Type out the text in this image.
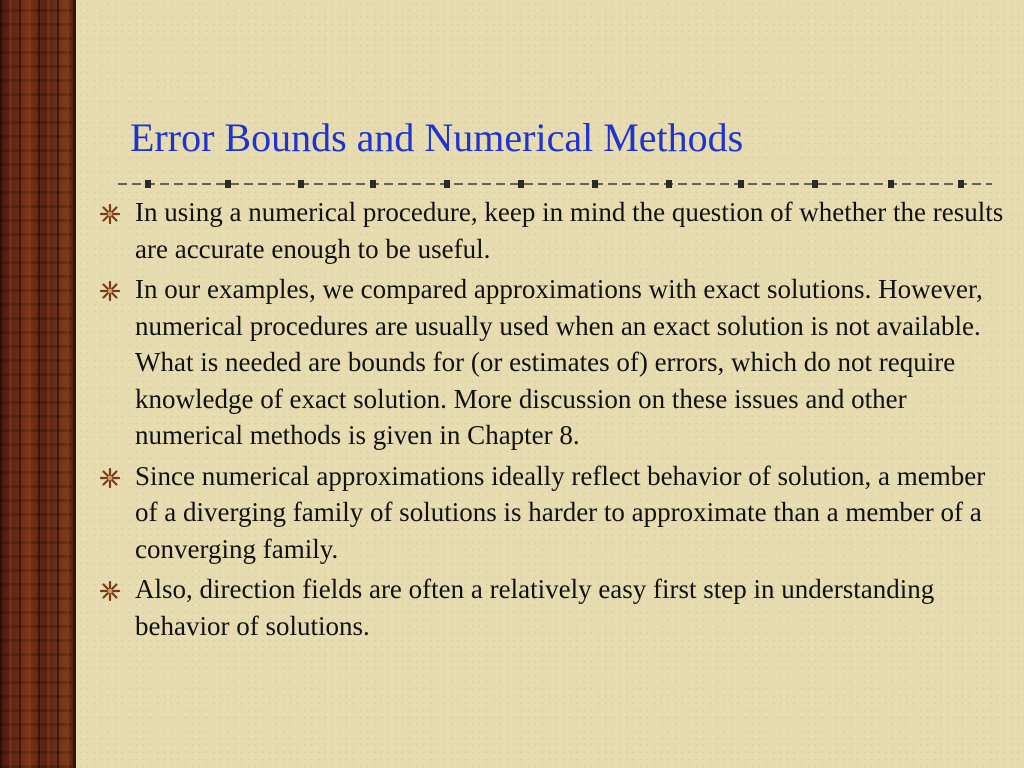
Error Bounds and Numerical Methods
In using a numerical procedure, keep in mind the question of whether the results are accurate enough to be useful.
In our examples, we compared approximations with exact solutions. However, numerical procedures are usually used when an exact solution is not available. What is needed are bounds for (or estimates of) errors, which do not require knowledge of exact solution. More discussion on these issues and other numerical methods is given in Chapter 8.
Since numerical approximations ideally reflect behavior of solution, a member of a diverging family of solutions is harder to approximate than a member of a converging family.
Also, direction fields are often a relatively easy first step in understanding behavior of solutions.
